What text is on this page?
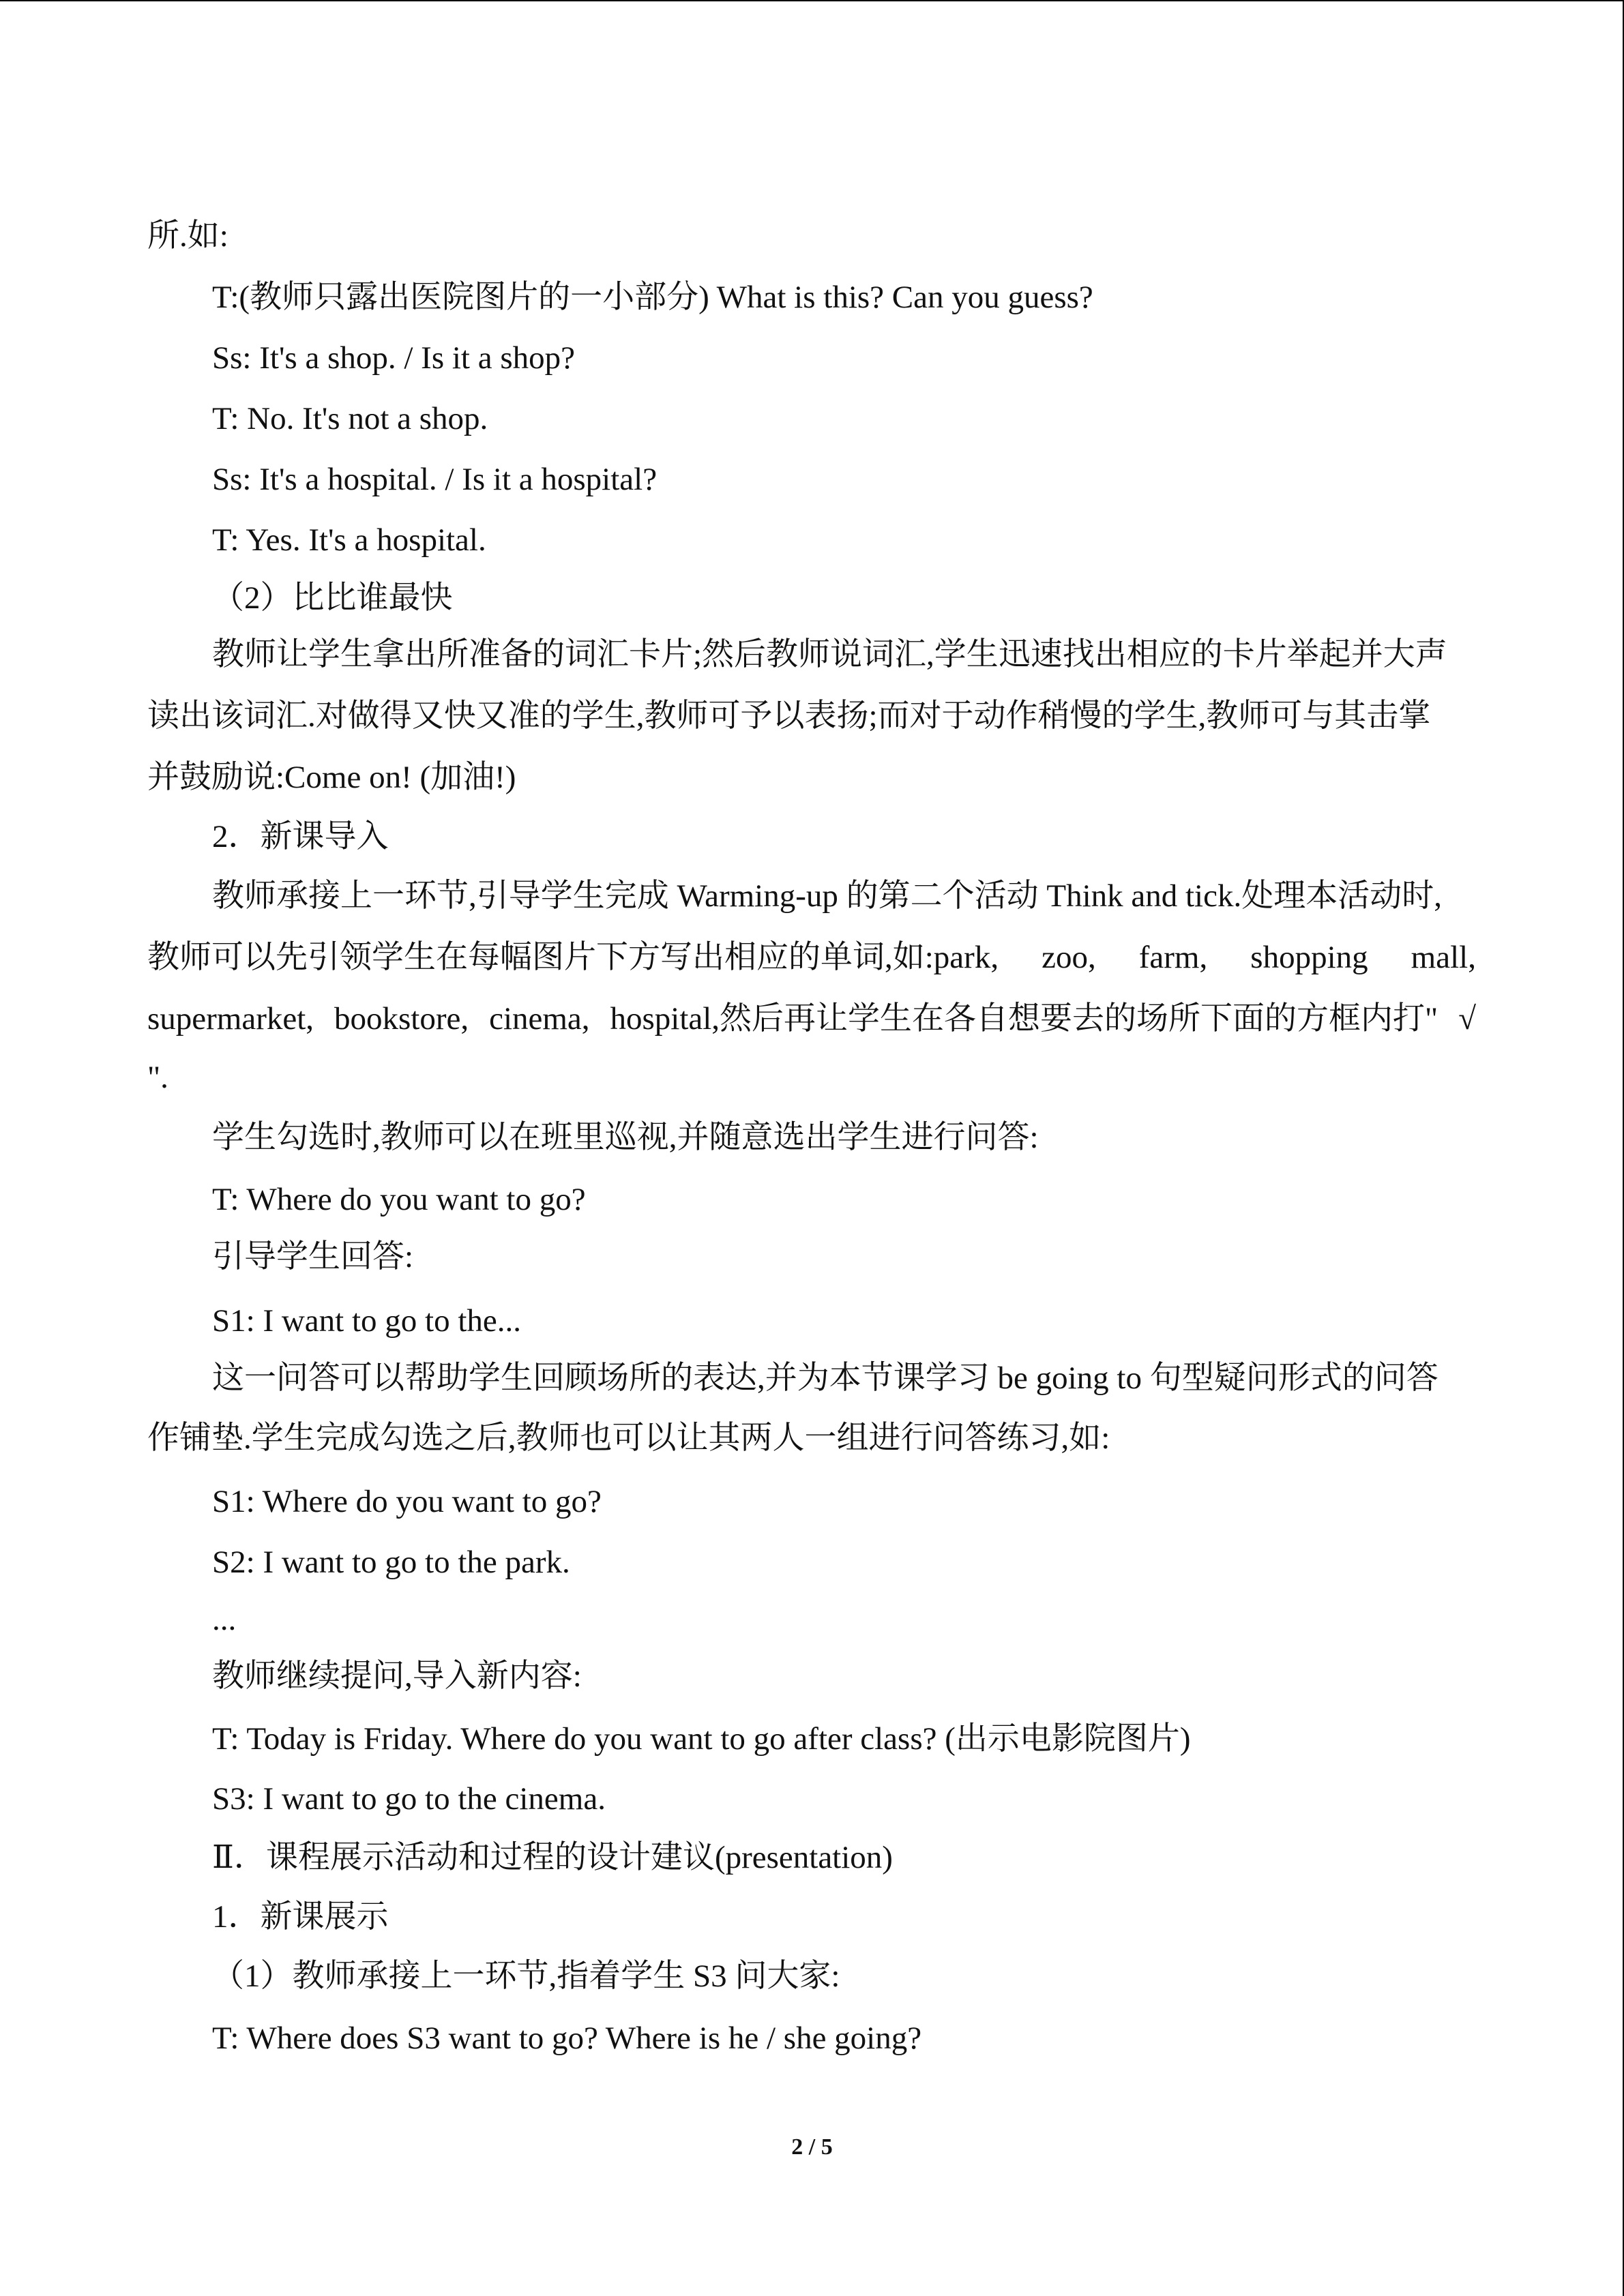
所.如:

T:(教师只露出医院图片的一小部分) What is this? Can you guess?

Ss: It's a shop. / Is it a shop?

T: No. It's not a shop.

Ss: It's a hospital. / Is it a hospital?

T: Yes. It's a hospital.

（2）比比谁最快

教师让学生拿出所准备的词汇卡片;然后教师说词汇,学生迅速找出相应的卡片举起并大声

读出该词汇.对做得又快又准的学生,教师可予以表扬;而对于动作稍慢的学生,教师可与其击掌

并鼓励说:Come on! (加油!)

2．新课导入

教师承接上一环节,引导学生完成 Warming-up 的第二个活动 Think and tick.处理本活动时,

教师可以先引领学生在每幅图片下方写出相应的单词,如:park, zoo, farm, shopping mall,
supermarket, bookstore, cinema, hospital,然后再让学生在各自想要去的场所下面的方框内打" √

".

学生勾选时,教师可以在班里巡视,并随意选出学生进行问答:

T: Where do you want to go?

引导学生回答:

S1: I want to go to the...

这一问答可以帮助学生回顾场所的表达,并为本节课学习 be going to 句型疑问形式的问答

作铺垫.学生完成勾选之后,教师也可以让其两人一组进行问答练习,如:

S1: Where do you want to go?

S2: I want to go to the park.

...

教师继续提问,导入新内容:

T: Today is Friday. Where do you want to go after class? (出示电影院图片)

S3: I want to go to the cinema.

Ⅱ．课程展示活动和过程的设计建议(presentation)

1．新课展示

（1）教师承接上一环节,指着学生 S3 问大家:

T: Where does S3 want to go? Where is he / she going?

2 / 5
